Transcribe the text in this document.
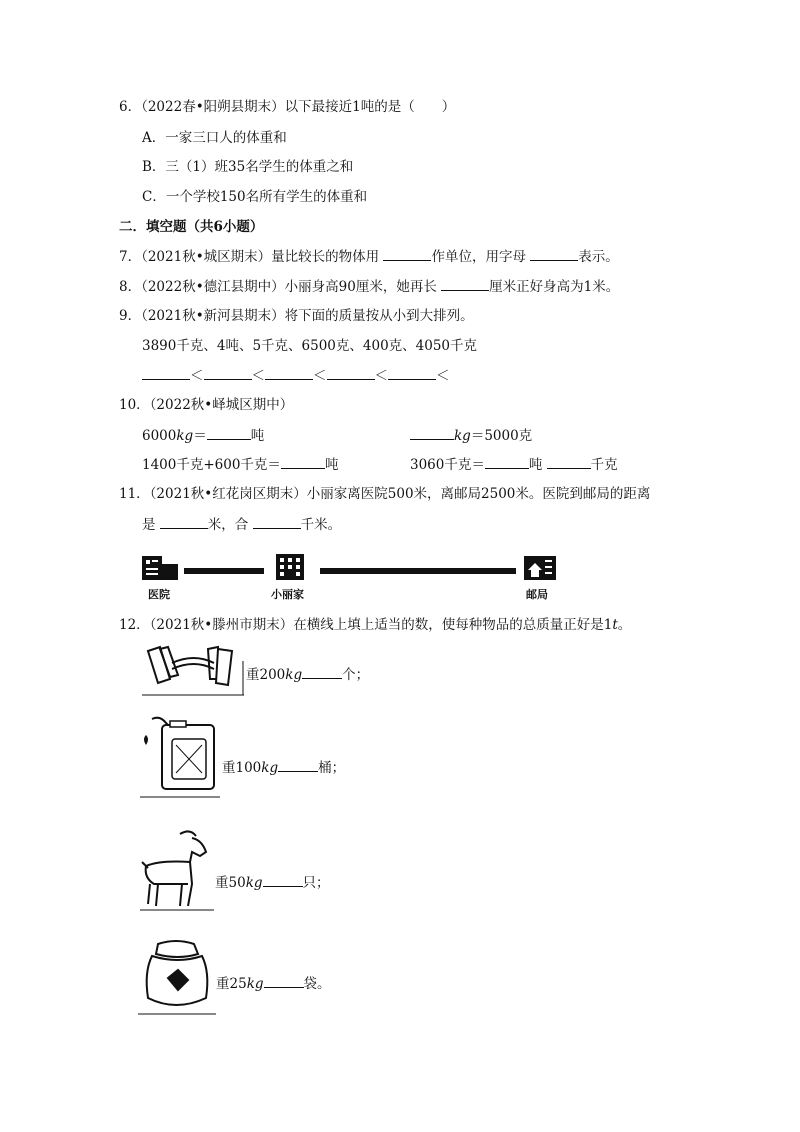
6．（2022春•阳朔县期末）以下最接近1吨的是（　　）
A．一家三口人的体重和
B．三（1）班35名学生的体重之和
C．一个学校150名所有学生的体重和
二．填空题（共6小题）
7．（2021秋•城区期末）量比较长的物体用	作单位，用字母	表示。
8．（2022秋•德江县期中）小丽身高90厘米，她再长	厘米正好身高为1米。
9．（2021秋•新河县期末）将下面的质量按从小到大排列。
3890千克、4吨、5千克、6500克、400克、4050千克
＜	＜	＜	＜	＜
10．（2022秋•峄城区期中）
6000kg＝	吨	kg＝5000克
1400千克+600千克＝	吨	3060千克＝	吨	千克
11．（2021秋•红花岗区期末）小丽家离医院500米，离邮局2500米。医院到邮局的距离
是	米，合	千米。
医院	小丽家	邮局
12．（2021秋•滕州市期末）在横线上填上适当的数，使每种物品的总质量正好是1t。
重200kg	个；
重100kg	桶；
重50kg	只；
重25kg	袋。
